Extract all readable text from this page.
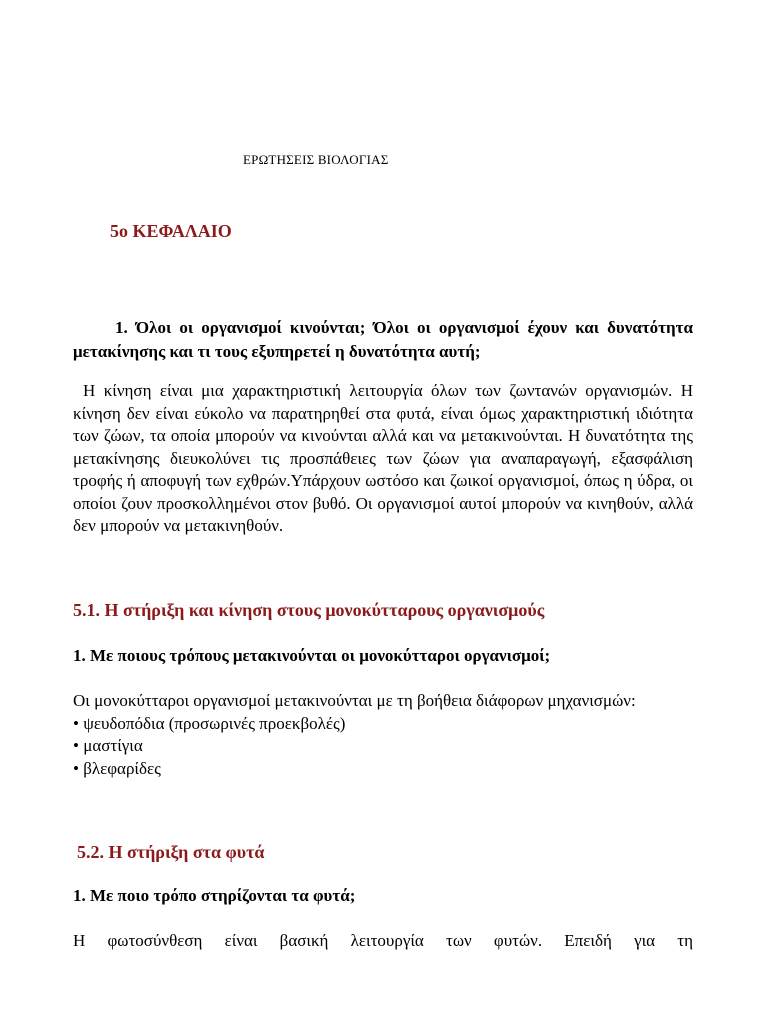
ΕΡΩΤΗΣΕΙΣ ΒΙΟΛΟΓΙΑΣ
5ο ΚΕΦΑΛΑΙΟ

1. Όλοι οι οργανισμοί κινούνται; Όλοι οι οργανισμοί έχουν και δυνατότητα μετακίνησης και τι τους εξυπηρετεί η δυνατότητα αυτή;

Η κίνηση είναι μια χαρακτηριστική λειτουργία όλων των ζωντανών οργανισμών. Η κίνηση δεν είναι εύκολο να παρατηρηθεί στα φυτά, είναι όμως χαρακτηριστική ιδιότητα των ζώων, τα οποία μπορούν να κινούνται αλλά και να μετακινούνται. Η δυνατότητα της μετακίνησης διευκολύνει τις προσπάθειες των ζώων για αναπαραγωγή, εξασφάλιση τροφής ή αποφυγή των εχθρών.Υπάρχουν ωστόσο και ζωικοί οργανισμοί, όπως η ύδρα, οι οποίοι ζουν προσκολλημένοι στον βυθό. Οι οργανισμοί αυτοί μπορούν να κινηθούν, αλλά δεν μπορούν να μετακινηθούν.

5.1. Η στήριξη και κίνηση στους μονοκύτταρους οργανισμούς
1. Με ποιους τρόπους μετακινούνται οι μονοκύτταροι οργανισμοί;
Οι μονοκύτταροι οργανισμοί μετακινούνται με τη βοήθεια διάφορων μηχανισμών:
• ψευδοπόδια (προσωρινές προεκβολές)
• μαστίγια
• βλεφαρίδες
5.2. Η στήριξη στα φυτά
1. Με ποιο τρόπο στηρίζονται τα φυτά;

Η φωτοσύνθεση είναι βασική λειτουργία των φυτών. Επειδή για τη
